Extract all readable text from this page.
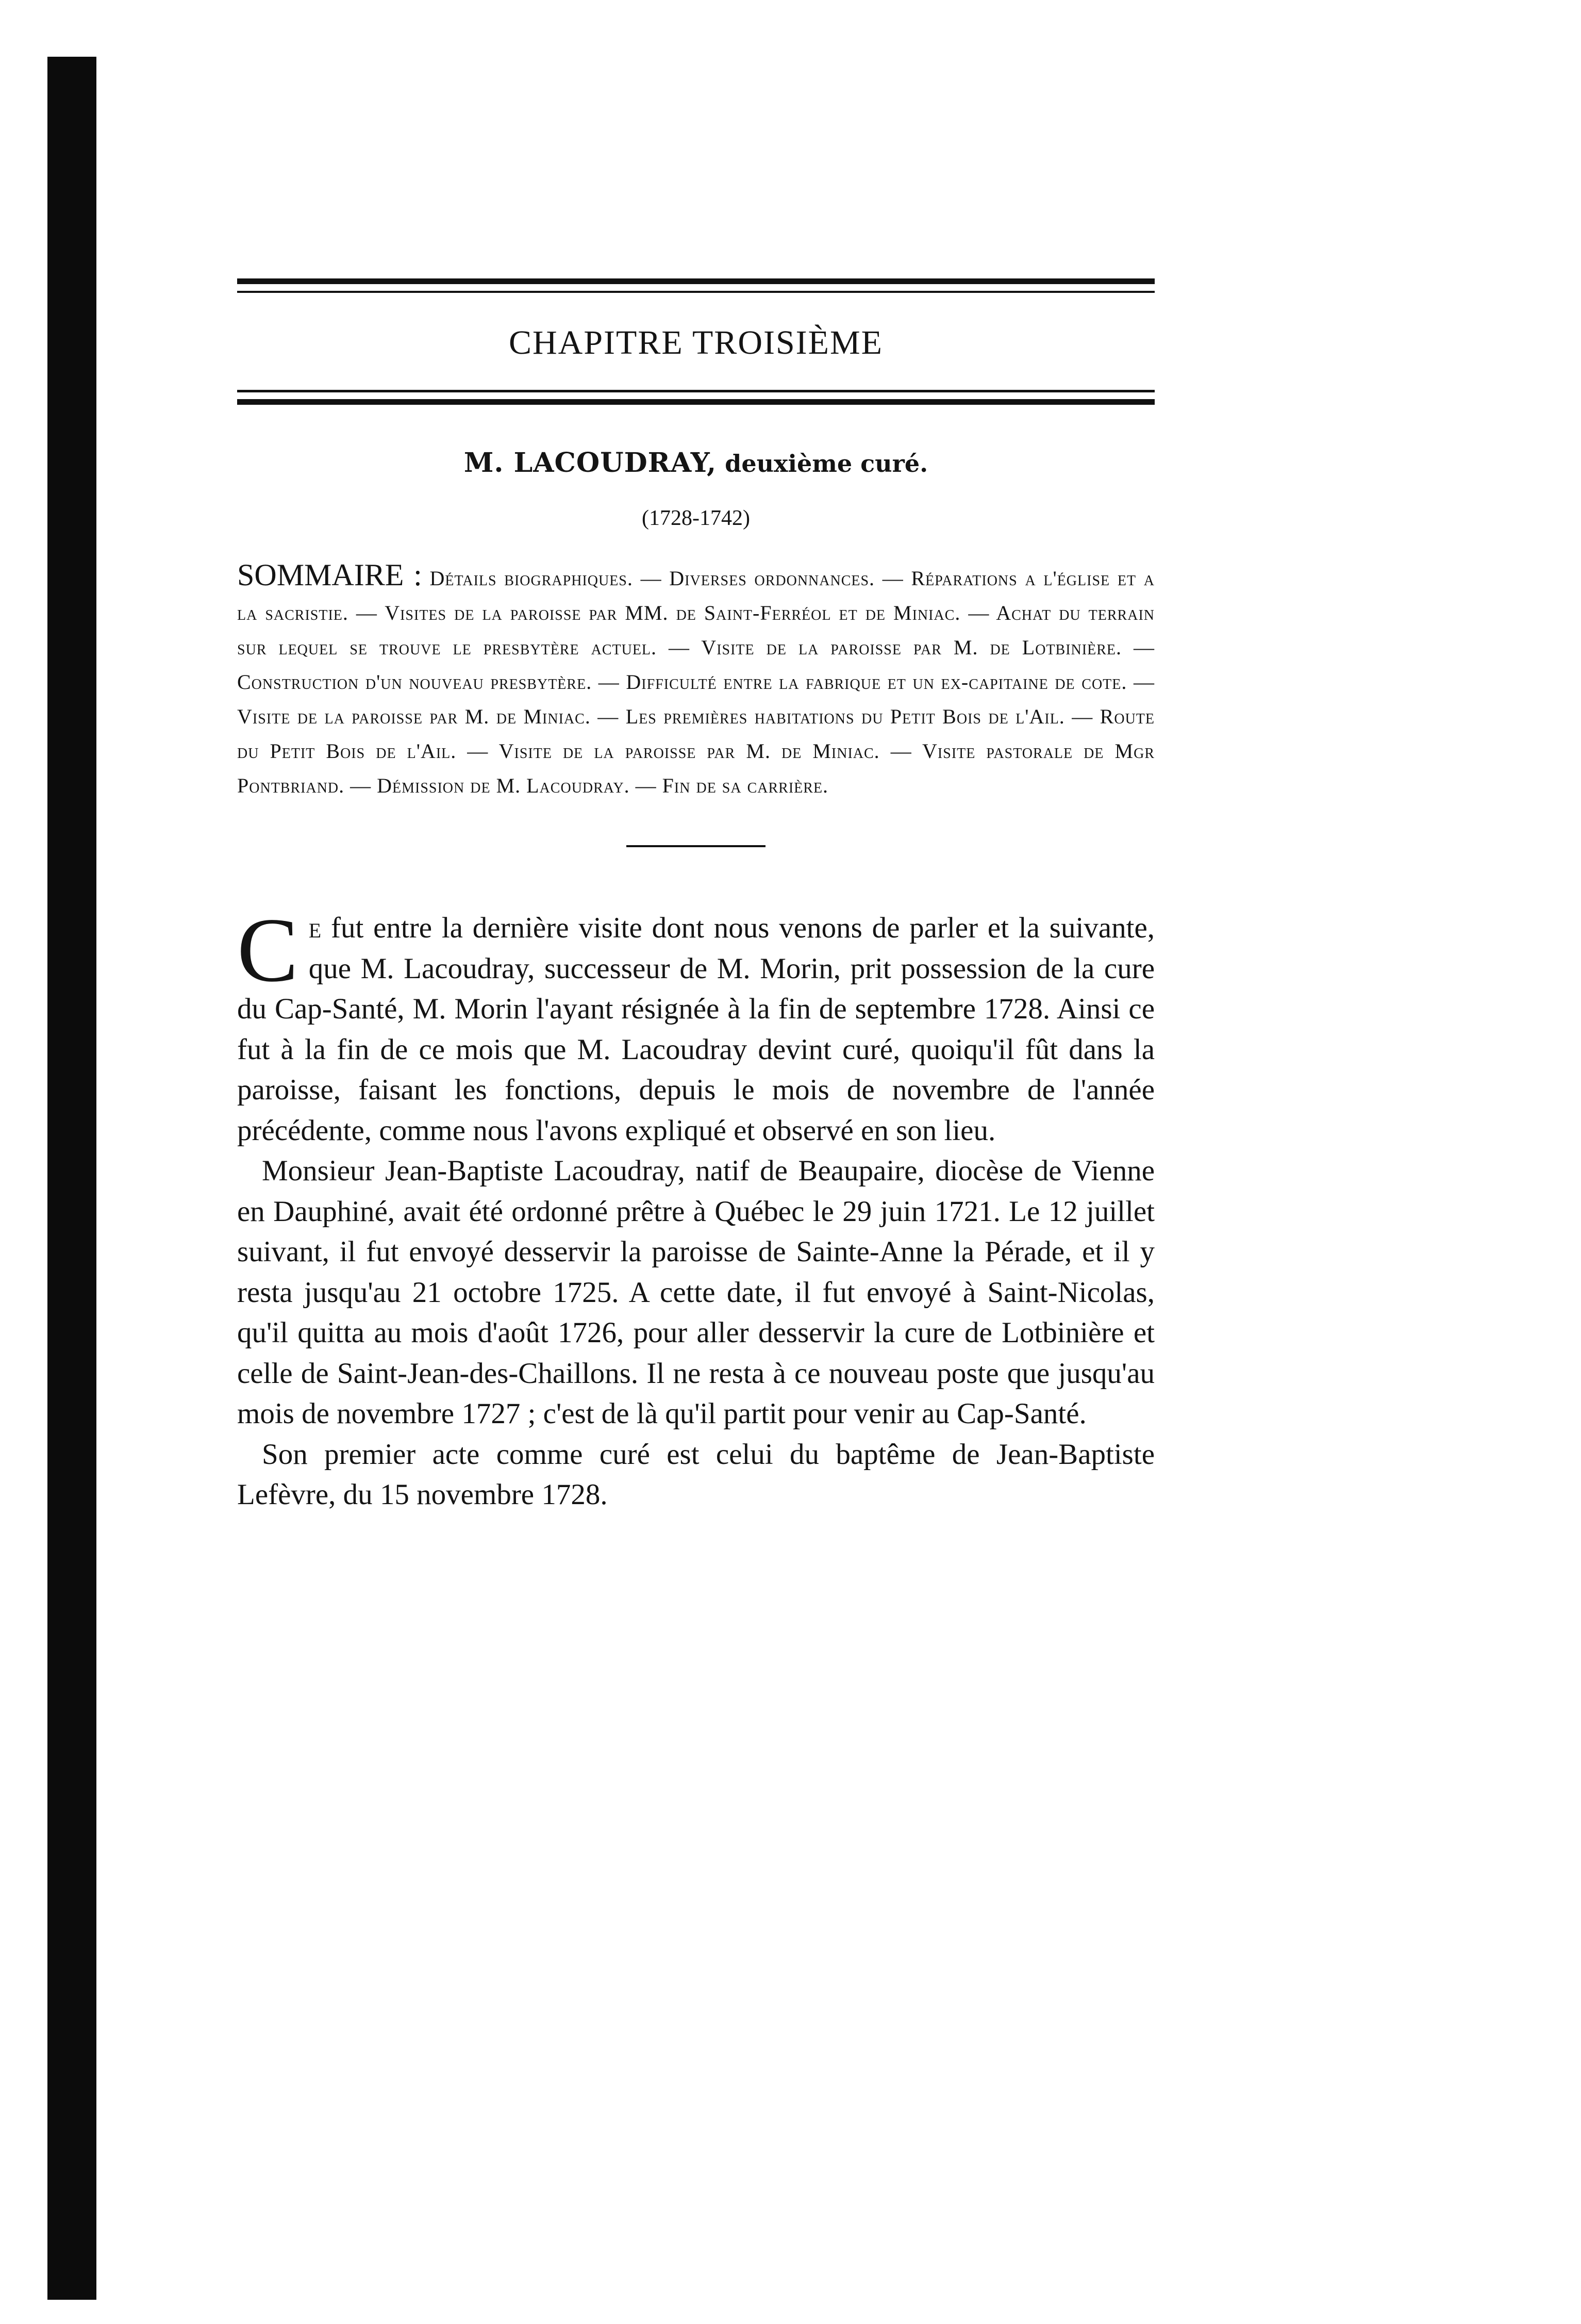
CHAPITRE TROISIÈME
M. LACOUDRAY, deuxième curé.
(1728-1742)
SOMMAIRE : Détails biographiques. — Diverses ordonnances. — Réparations a l'église et a la sacristie. — Visites de la paroisse par MM. de Saint-Ferréol et de Miniac. — Achat du terrain sur lequel se trouve le presbytère actuel. — Visite de la paroisse par M. de Lotbinière. — Construction d'un nouveau presbytère. — Difficulté entre la fabrique et un ex-capitaine de cote. — Visite de la paroisse par M. de Miniac. — Les premières habitations du Petit Bois de l'Ail. — Route du Petit Bois de l'Ail. — Visite de la paroisse par M. de Miniac. — Visite pastorale de Mgr Pontbriand. — Démission de M. Lacoudray. — Fin de sa carrière.

Ce fut entre la dernière visite dont nous venons de parler et la suivante, que M. Lacoudray, successeur de M. Morin, prit possession de la cure du Cap-Santé, M. Morin l'ayant résignée à la fin de septembre 1728. Ainsi ce fut à la fin de ce mois que M. Lacoudray devint curé, quoiqu'il fût dans la paroisse, faisant les fonctions, depuis le mois de novembre de l'année précédente, comme nous l'avons expliqué et observé en son lieu.

Monsieur Jean-Baptiste Lacoudray, natif de Beaupaire, diocèse de Vienne en Dauphiné, avait été ordonné prêtre à Québec le 29 juin 1721. Le 12 juillet suivant, il fut envoyé desservir la paroisse de Sainte-Anne la Pérade, et il y resta jusqu'au 21 octobre 1725. A cette date, il fut envoyé à Saint-Nicolas, qu'il quitta au mois d'août 1726, pour aller desservir la cure de Lotbinière et celle de Saint-Jean-des-Chaillons. Il ne resta à ce nouveau poste que jusqu'au mois de novembre 1727 ; c'est de là qu'il partit pour venir au Cap-Santé.

Son premier acte comme curé est celui du baptême de Jean-Baptiste Lefèvre, du 15 novembre 1728.
